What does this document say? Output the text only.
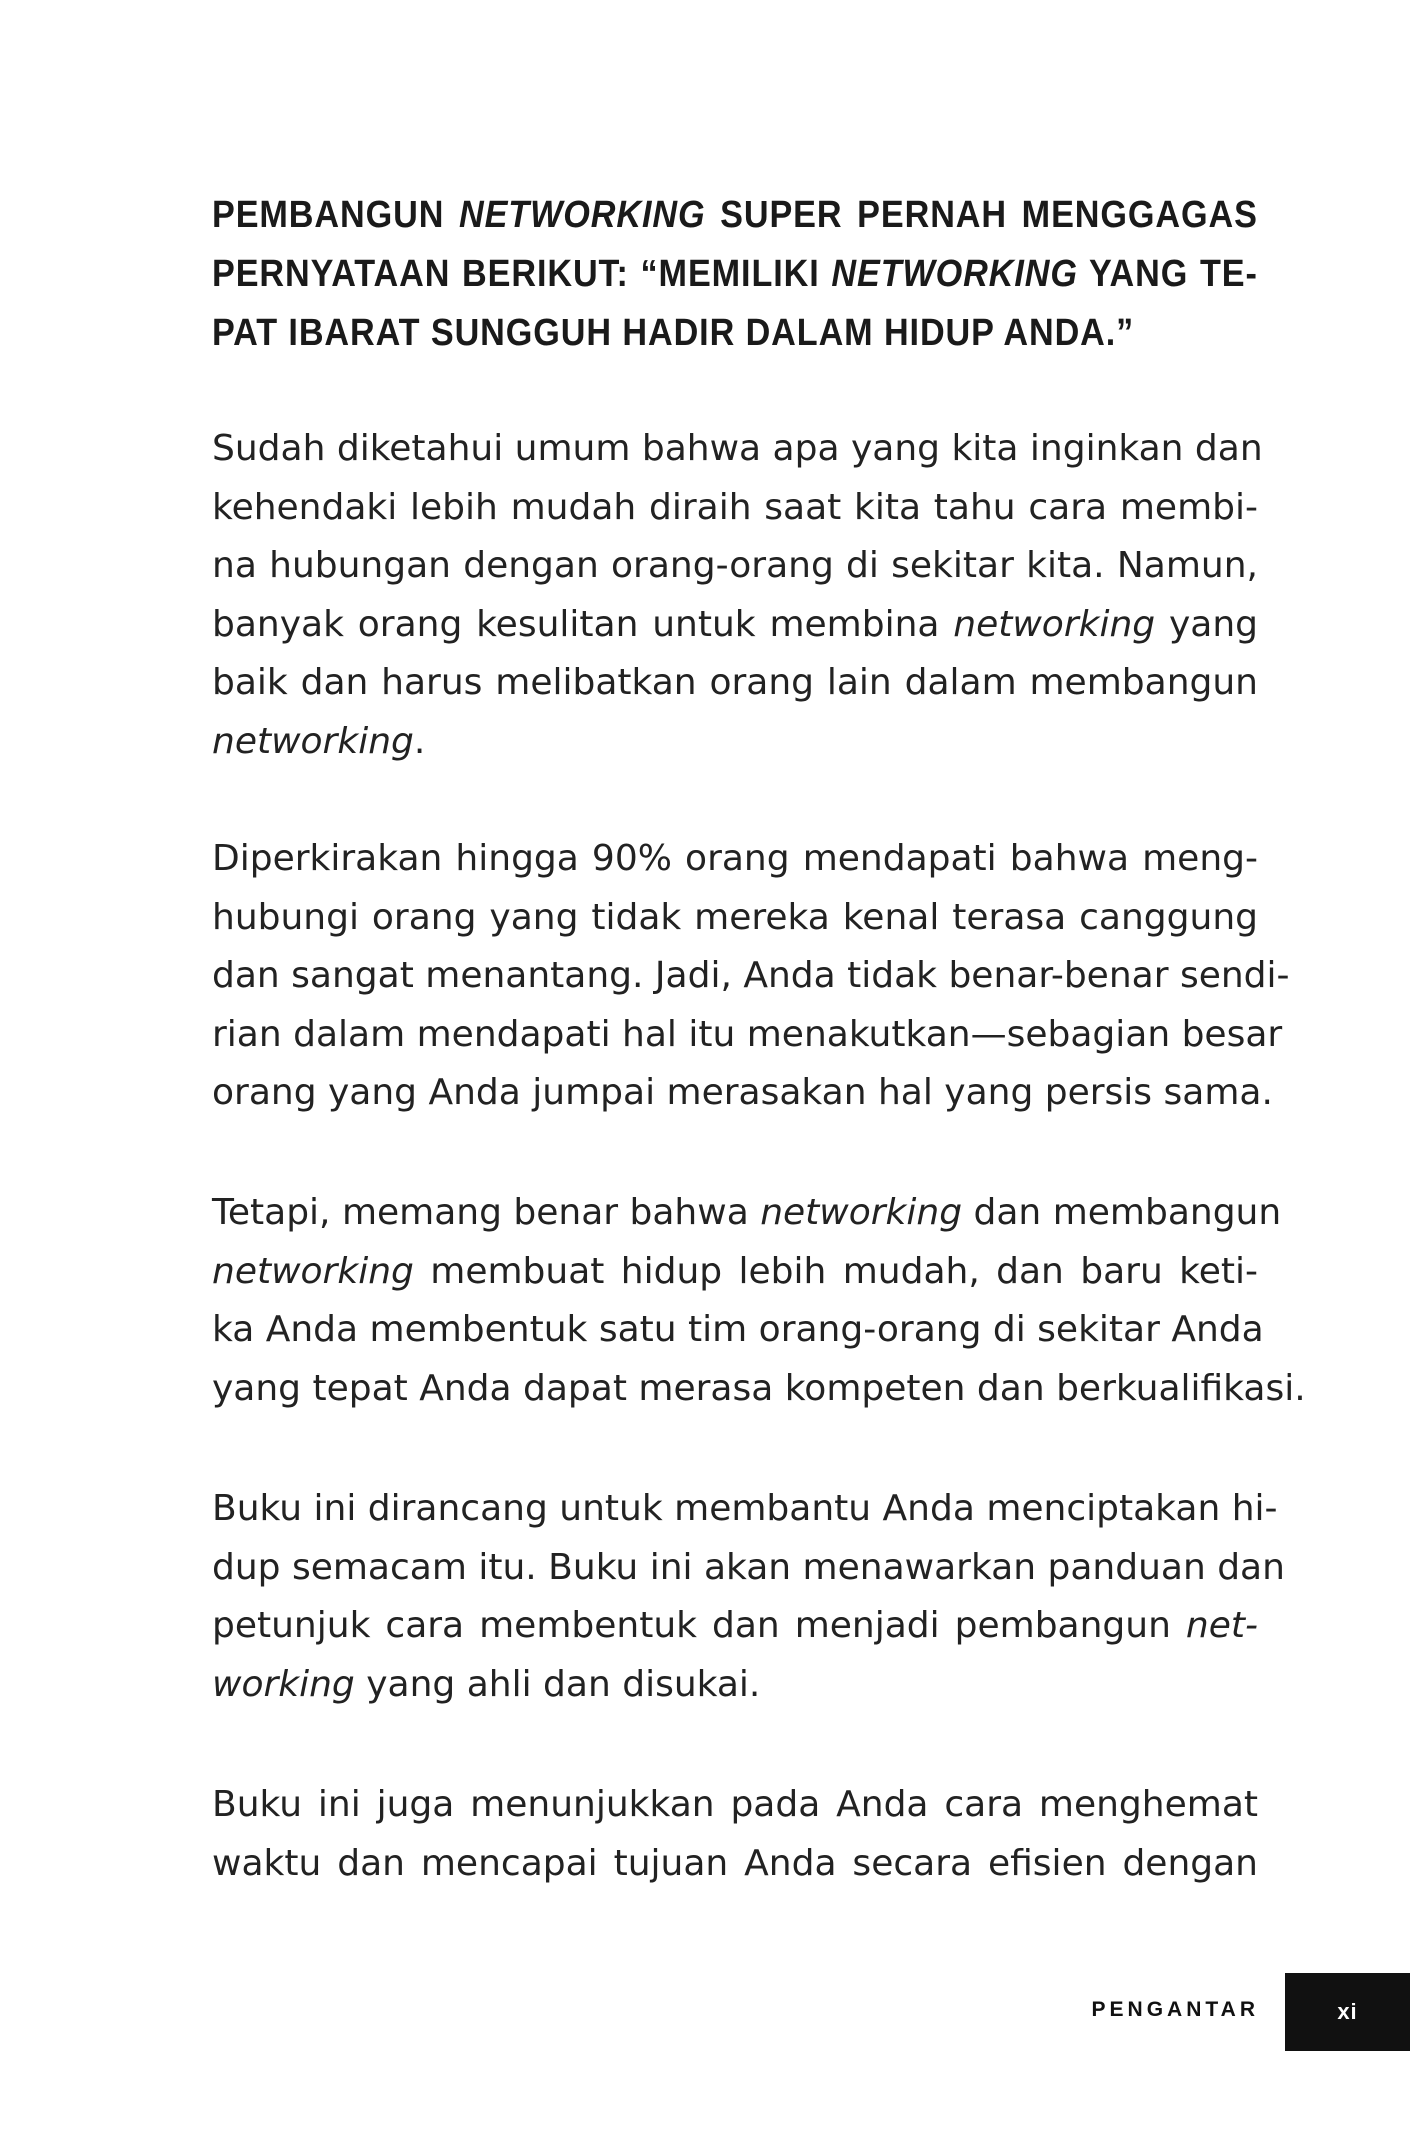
PEMBANGUN NETWORKING SUPER PERNAH MENGGAGAS
PERNYATAAN BERIKUT: “MEMILIKI NETWORKING YANG TE-
PAT IBARAT SUNGGUH HADIR DALAM HIDUP ANDA.”

Sudah diketahui umum bahwa apa yang kita inginkan dan
kehendaki lebih mudah diraih saat kita tahu cara membi-
na hubungan dengan orang-orang di sekitar kita. Namun,
banyak orang kesulitan untuk membina networking yang
baik dan harus melibatkan orang lain dalam membangun
networking.

Diperkirakan hingga 90% orang mendapati bahwa meng-
hubungi orang yang tidak mereka kenal terasa canggung
dan sangat menantang. Jadi, Anda tidak benar-benar sendi-
rian dalam mendapati hal itu menakutkan—sebagian besar
orang yang Anda jumpai merasakan hal yang persis sama.

Tetapi, memang benar bahwa networking dan membangun
networking membuat hidup lebih mudah, dan baru keti-
ka Anda membentuk satu tim orang-orang di sekitar Anda
yang tepat Anda dapat merasa kompeten dan berkualifikasi.

Buku ini dirancang untuk membantu Anda menciptakan hi-
dup semacam itu. Buku ini akan menawarkan panduan dan
petunjuk cara membentuk dan menjadi pembangun net-
working yang ahli dan disukai.

Buku ini juga menunjukkan pada Anda cara menghemat
waktu dan mencapai tujuan Anda secara efisien dengan

PENGANTAR	xi
